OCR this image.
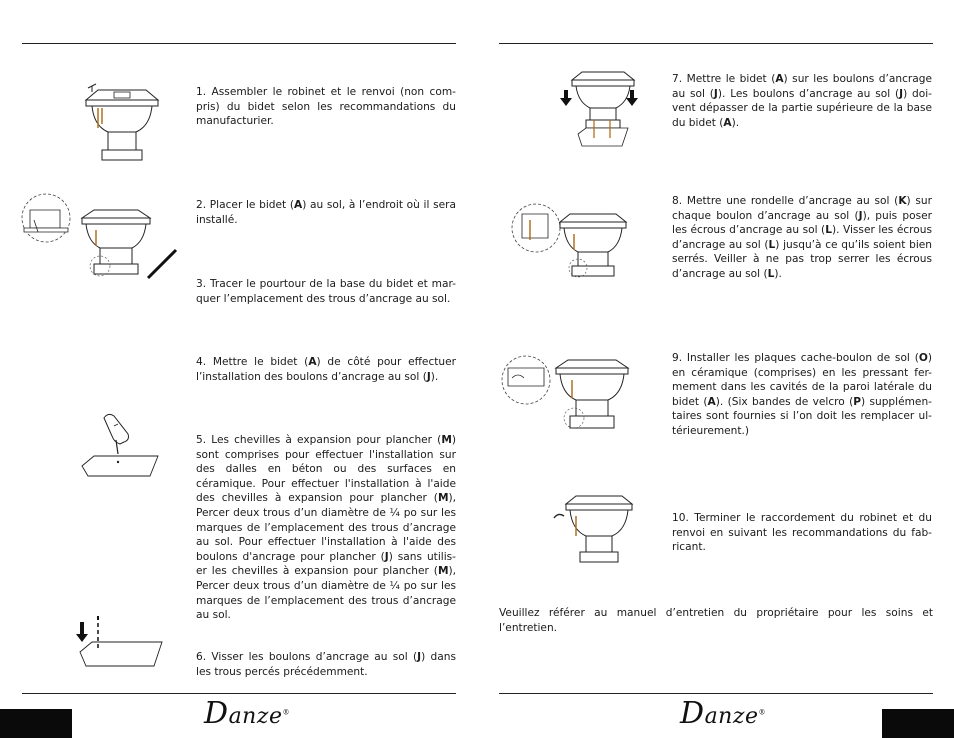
1. Assembler le robinet et le renvoi (non com-pris) du bidet selon les recommandations du manufacturier.

2. Placer le bidet (A) au sol, à l’endroit où il sera installé.

3. Tracer le pourtour de la base du bidet et mar-quer l’emplacement des trous d’ancrage au sol.

4. Mettre le bidet (A) de côté pour effectuer l’installation des boulons d’ancrage au sol (J).

5. Les chevilles à expansion pour plancher (M) sont comprises pour effectuer l'installation sur des dalles en béton ou des surfaces en céramique. Pour effectuer l'installation à l'aide des chevilles à expansion pour plancher (M), Percer deux trous d’un diamètre de ¼ po sur les marques de l’emplacement des trous d’ancrage au sol. Pour effectuer l'installation à l'aide des boulons d'ancrage pour plancher (J) sans utilis-er les chevilles à expansion pour plancher (M), Percer deux trous d’un diamètre de ¼ po sur les marques de l’emplacement des trous d’ancrage au sol.

6. Visser les boulons d’ancrage au sol (J) dans les trous percés précédemment.

7. Mettre le bidet (A) sur les boulons d’ancrage au sol (J). Les boulons d’ancrage au sol (J) doi-vent dépasser de la partie supérieure de la base du bidet (A).

8. Mettre une rondelle d’ancrage au sol (K) sur chaque boulon d’ancrage au sol (J), puis poser les écrous d’ancrage au sol (L). Visser les écrous d’ancrage au sol (L) jusqu’à ce qu’ils soient bien serrés. Veiller à ne pas trop serrer les écrous d’ancrage au sol (L).

9. Installer les plaques cache-boulon de sol (O) en céramique (comprises) en les pressant fer-mement dans les cavités de la paroi latérale du bidet (A). (Six bandes de velcro (P) supplémen-taires sont fournies si l’on doit les remplacer ul-térieurement.)

10. Terminer le raccordement du robinet et du renvoi en suivant les recommandations du fab-ricant.

Veuillez référer au manuel d’entretien du propriétaire pour les soins et l’entretien.

Danze®	Danze®
